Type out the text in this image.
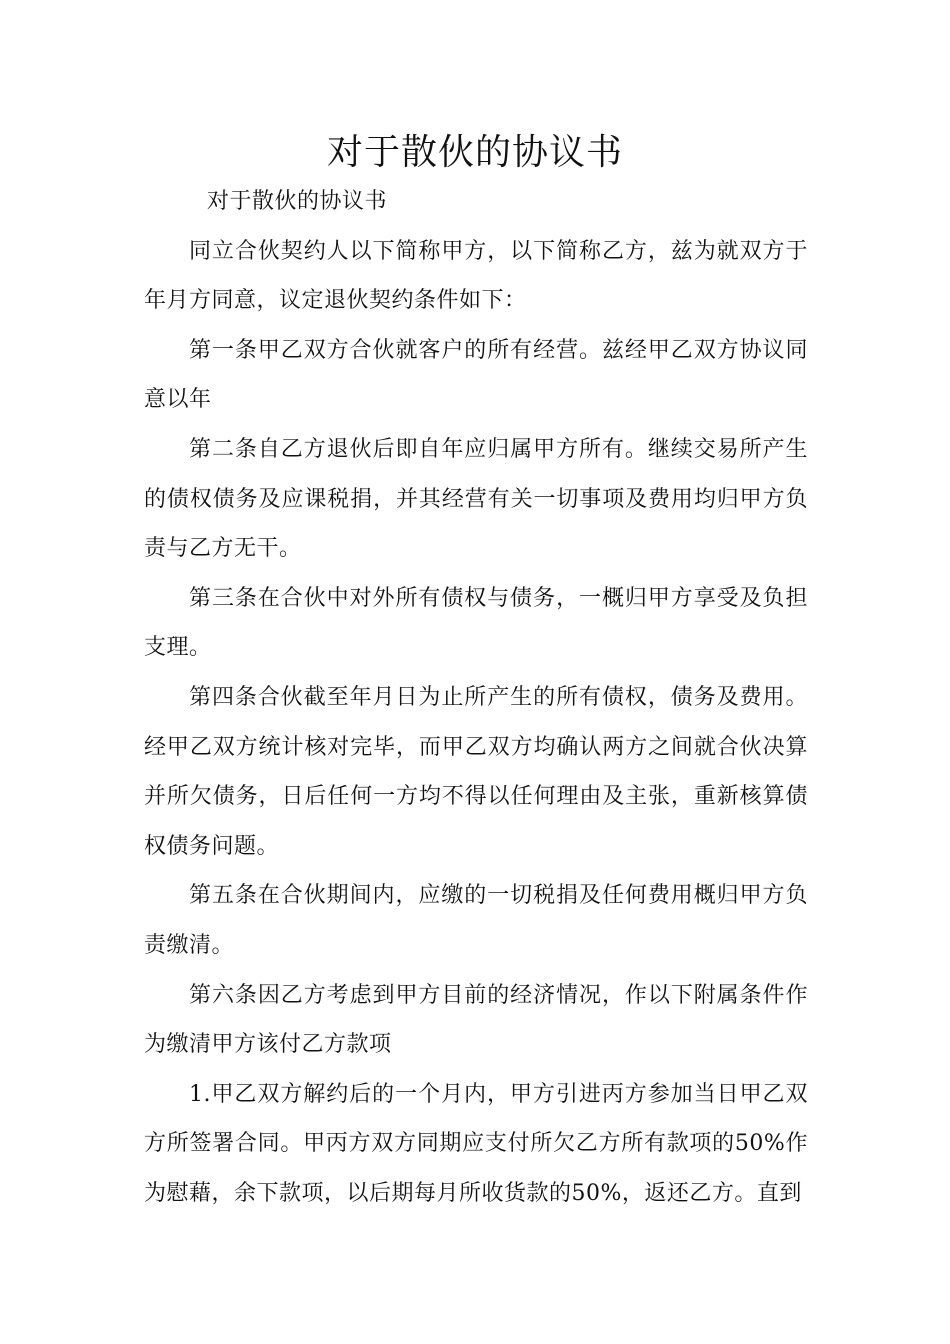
对于散伙的协议书

对于散伙的协议书

同立合伙契约人以下简称甲方，以下简称乙方，兹为就双方于年月方同意，议定退伙契约条件如下：

第一条甲乙双方合伙就客户的所有经营。兹经甲乙双方协议同意以年

第二条自乙方退伙后即自年应归属甲方所有。继续交易所产生的债权债务及应课税捐，并其经营有关一切事项及费用均归甲方负责与乙方无干。

第三条在合伙中对外所有债权与债务，一概归甲方享受及负担支理。

第四条合伙截至年月日为止所产生的所有债权，债务及费用。经甲乙双方统计核对完毕，而甲乙双方均确认两方之间就合伙决算并所欠债务，日后任何一方均不得以任何理由及主张，重新核算债权债务问题。

第五条在合伙期间内，应缴的一切税捐及任何费用概归甲方负责缴清。

第六条因乙方考虑到甲方目前的经济情况，作以下附属条件作为缴清甲方该付乙方款项

1.甲乙双方解约后的一个月内，甲方引进丙方参加当日甲乙双方所签署合同。甲丙方双方同期应支付所欠乙方所有款项的50%作为慰藉，余下款项，以后期每月所收货款的50%，返还乙方。直到
